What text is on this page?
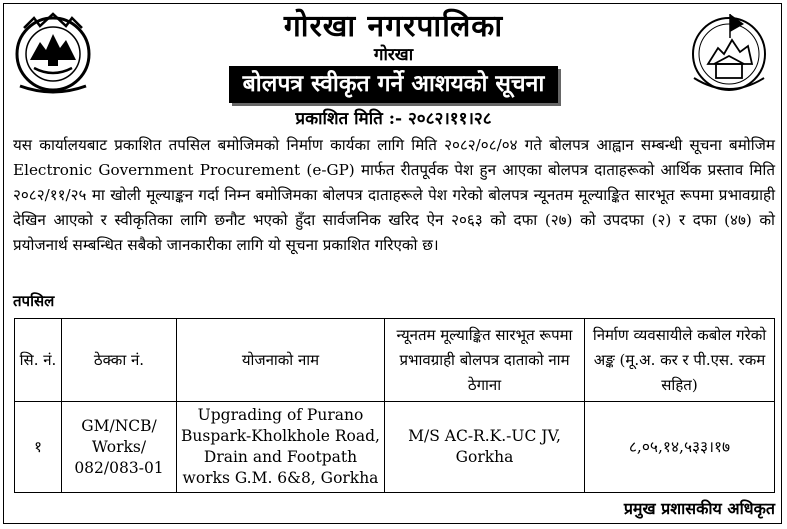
गोरखा नगरपालिका
गोरखा
बोलपत्र स्वीकृत गर्ने आशयको सूचना
प्रकाशित मिति :- २०८२।११।२८

यस कार्यालयबाट प्रकाशित तपसिल बमोजिमको निर्माण कार्यका लागि मिति २०८२/०८/०४ गते बोलपत्र आह्वान सम्बन्धी सूचना बमोजिम Electronic Government Procurement (e-GP) मार्फत रीतपूर्वक पेश हुन आएका बोलपत्र दाताहरूको आर्थिक प्रस्ताव मिति २०८२/११/२५ मा खोली मूल्याङ्कन गर्दा निम्न बमोजिमका बोलपत्र दाताहरूले पेश गरेको बोलपत्र न्यूनतम मूल्याङ्कित सारभूत रूपमा प्रभावग्राही देखिन आएको र स्वीकृतिका लागि छनौट भएको हुँदा सार्वजनिक खरिद ऐन २०६३ को दफा (२७) को उपदफा (२) र दफा (४७) को प्रयोजनार्थ सम्बन्धित सबैको जानकारीका लागि यो सूचना प्रकाशित गरिएको छ।

तपसिल
सि. नं.	ठेक्का नं.	योजनाको नाम	न्यूनतम मूल्याङ्कित सारभूत रूपमा प्रभावग्राही बोलपत्र दाताको नाम ठेगाना	निर्माण व्यवसायीले कबोल गरेको अङ्क (मू.अ. कर र पी.एस. रकम सहित)
१	GM/NCB/ Works/ 082/083-01	Upgrading of Purano Buspark-Kholkhole Road, Drain and Footpath works G.M. 6&8, Gorkha	M/S AC-R.K.-UC JV, Gorkha	८,०५,१४,५३३।१७
प्रमुख प्रशासकीय अधिकृत
